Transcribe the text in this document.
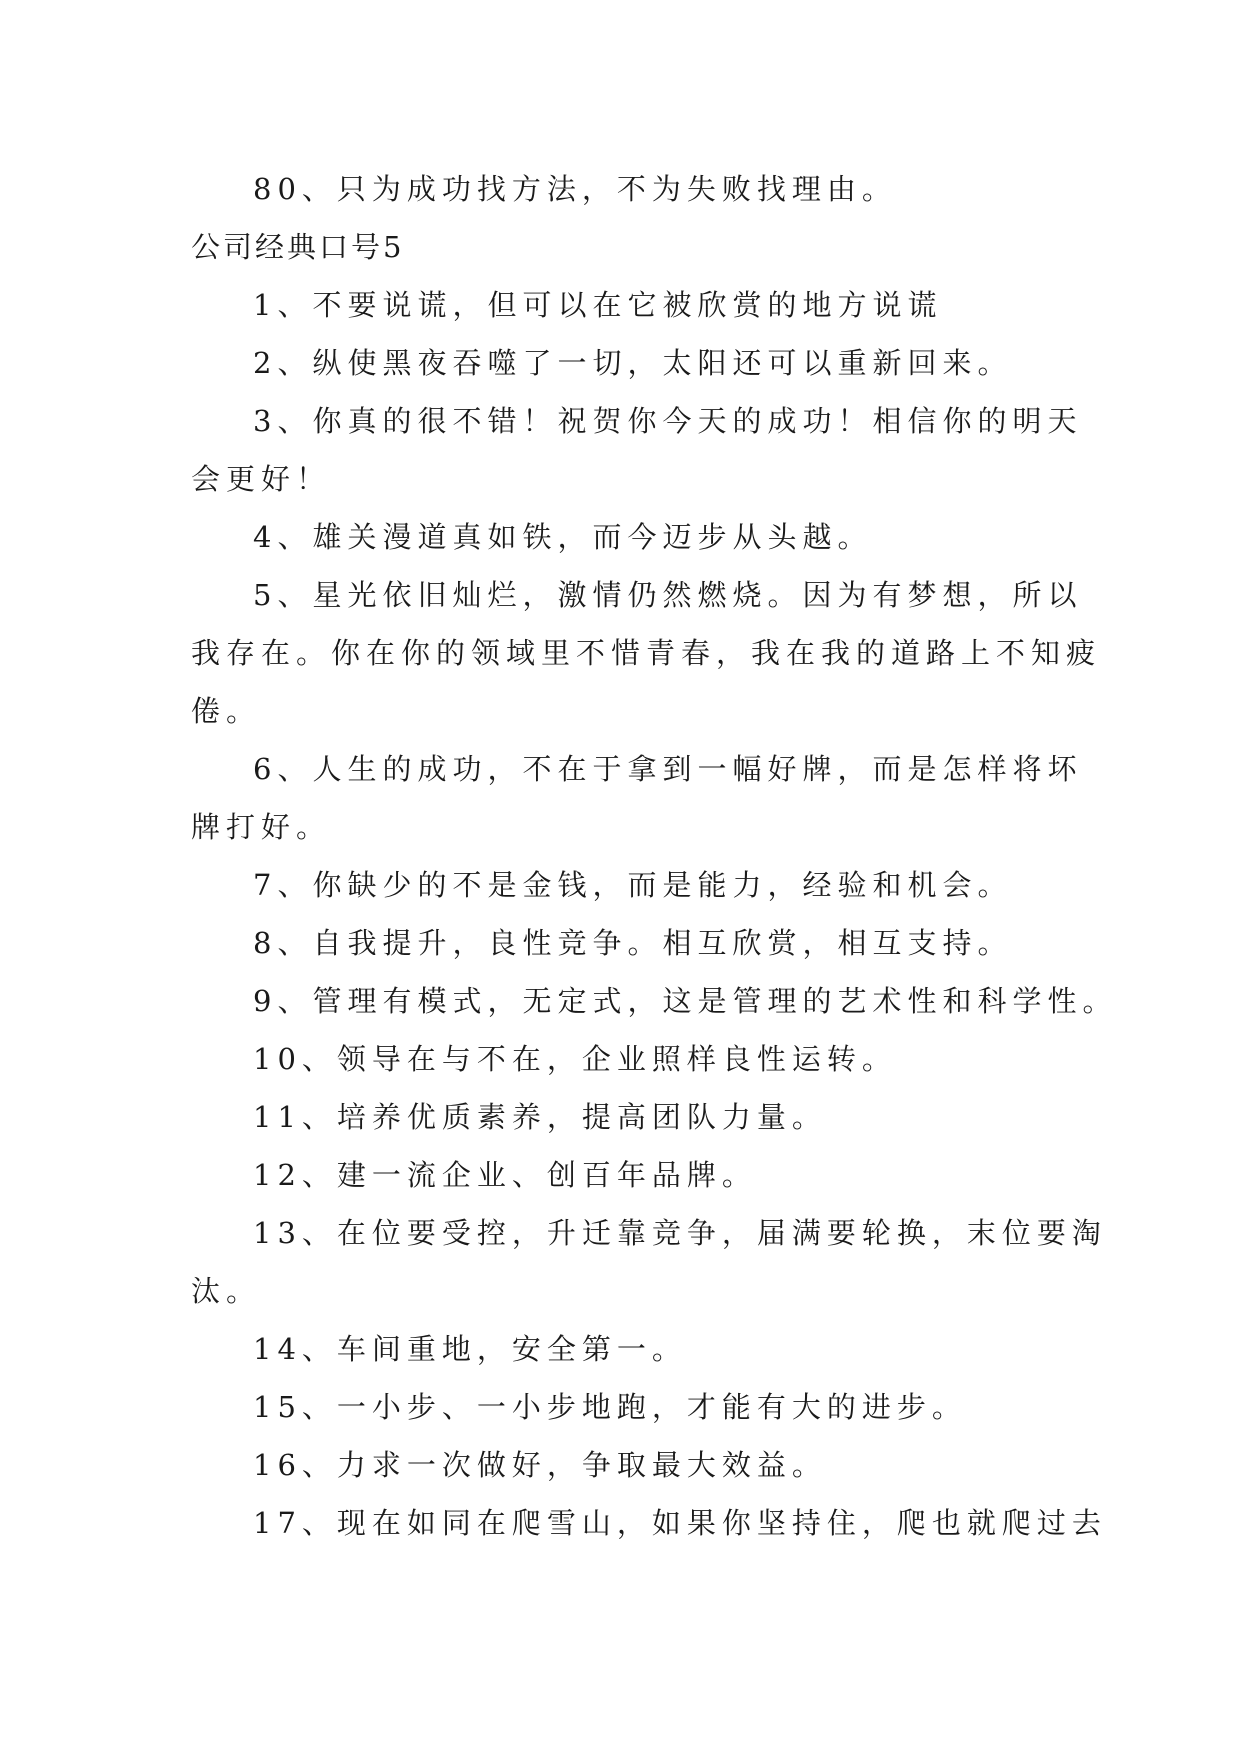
80、只为成功找方法，不为失败找理由。

公司经典口号5

1、不要说谎，但可以在它被欣赏的地方说谎

2、纵使黑夜吞噬了一切，太阳还可以重新回来。

3、你真的很不错！祝贺你今天的成功！相信你的明天

会更好！

4、雄关漫道真如铁，而今迈步从头越。

5、星光依旧灿烂，激情仍然燃烧。因为有梦想，所以

我存在。你在你的领域里不惜青春，我在我的道路上不知疲

倦。

6、人生的成功，不在于拿到一幅好牌，而是怎样将坏

牌打好。

7、你缺少的不是金钱，而是能力，经验和机会。

8、自我提升，良性竞争。相互欣赏，相互支持。

9、管理有模式，无定式，这是管理的艺术性和科学性。

10、领导在与不在，企业照样良性运转。

11、培养优质素养，提高团队力量。

12、建一流企业、创百年品牌。

13、在位要受控，升迁靠竞争，届满要轮换，末位要淘

汰。

14、车间重地，安全第一。

15、一小步、一小步地跑，才能有大的进步。

16、力求一次做好，争取最大效益。

17、现在如同在爬雪山，如果你坚持住，爬也就爬过去
